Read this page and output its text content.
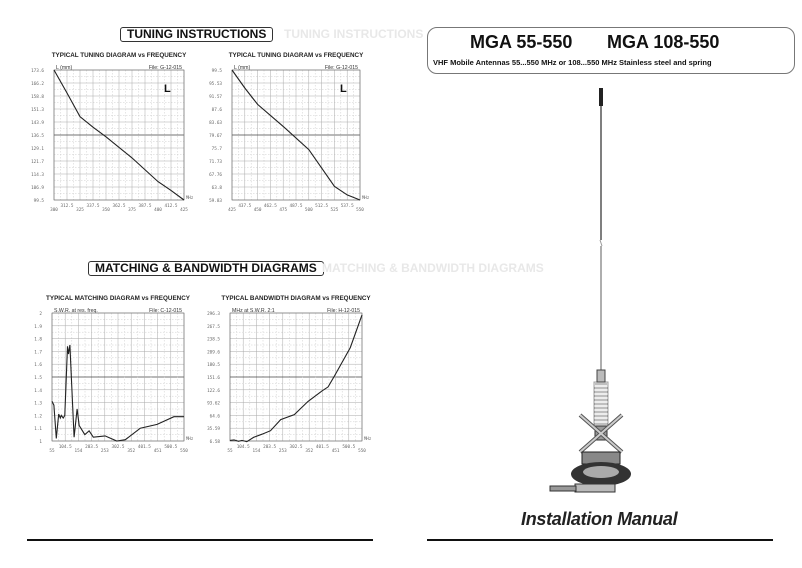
TUNING INSTRUCTIONS
MATCHING & BANDWIDTH DIAGRAMS
TYPICAL TUNING DIAGRAM vs FREQUENCY
L (mm)	File: G-12-015
L
173.6
166.2
158.8
151.3
143.9
136.5
129.1
121.7
114.3
106.9
99.5
300
312.5
325
337.5
350
362.5
375
387.5
400
412.5
425
MHz
TYPICAL TUNING DIAGRAM vs FREQUENCY
L (mm)	File: G-12-015
L
99.5
95.53
91.57
87.6
83.63
79.67
75.7
71.73
67.76
63.8
59.83
425
437.5
450
462.5
475
487.5
500
512.5
525
537.5
550
MHz
TYPICAL MATCHING DIAGRAM vs FREQUENCY
S.W.R. at res. freq.	File: C-12-015
2
1.9
1.8
1.7
1.6
1.5
1.4
1.3
1.2
1.1
1
55
104.5
154
203.5
253
302.5
352
401.5
451
500.5
550
MHz
TYPICAL BANDWIDTH DIAGRAM vs FREQUENCY
MHz at S.W.R. 2:1	File: H-12-015
296.3
267.5
238.5
209.6
180.5
151.6
122.6
93.62
64.6
35.59
6.58
55
104.5
154
203.5
253
302.5
352
401.5
451
500.5
550
MHz
TUNING INSTRUCTIONS
MATCHING & BANDWIDTH DIAGRAMS
MGA 55-550 MGA 108-550
VHF Mobile Antennas 55...550 MHz or 108...550 MHz Stainless steel and spring
Installation Manual
